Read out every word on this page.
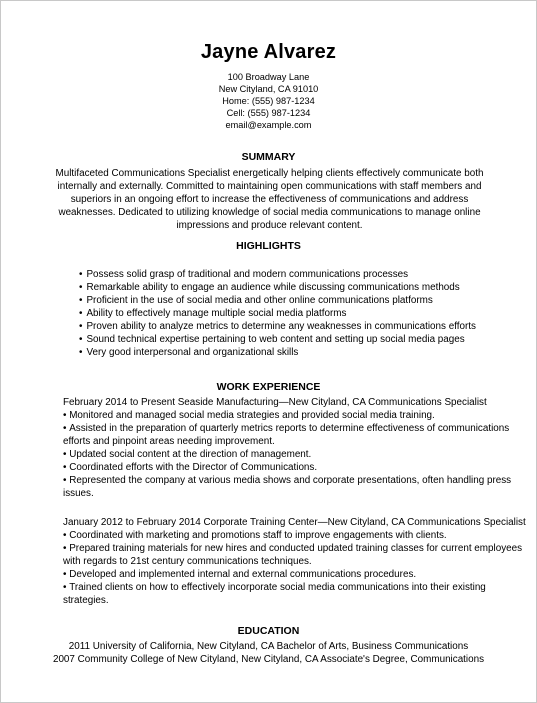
Jayne Alvarez
100 Broadway Lane
New Cityland, CA 91010
Home: (555) 987-1234
Cell: (555) 987-1234
email@example.com
SUMMARY
Multifaceted Communications Specialist energetically helping clients effectively communicate both internally and externally. Committed to maintaining open communications with staff members and superiors in an ongoing effort to increase the effectiveness of communications and address weaknesses. Dedicated to utilizing knowledge of social media communications to manage online impressions and produce relevant content.
HIGHLIGHTS
• Possess solid grasp of traditional and modern communications processes
• Remarkable ability to engage an audience while discussing communications methods
• Proficient in the use of social media and other online communications platforms
• Ability to effectively manage multiple social media platforms
• Proven ability to analyze metrics to determine any weaknesses in communications efforts
• Sound technical expertise pertaining to web content and setting up social media pages
• Very good interpersonal and organizational skills
WORK EXPERIENCE
February 2014 to Present Seaside Manufacturing—New Cityland, CA Communications Specialist
• Monitored and managed social media strategies and provided social media training.
• Assisted in the preparation of quarterly metrics reports to determine effectiveness of communications efforts and pinpoint areas needing improvement.
• Updated social content at the direction of management.
• Coordinated efforts with the Director of Communications.
• Represented the company at various media shows and corporate presentations, often handling press issues.
January 2012 to February 2014 Corporate Training Center—New Cityland, CA Communications Specialist
• Coordinated with marketing and promotions staff to improve engagements with clients.
• Prepared training materials for new hires and conducted updated training classes for current employees with regards to 21st century communications techniques.
• Developed and implemented internal and external communications procedures.
• Trained clients on how to effectively incorporate social media communications into their existing strategies.
EDUCATION
2011 University of California, New Cityland, CA Bachelor of Arts, Business Communications
2007 Community College of New Cityland, New Cityland, CA Associate's Degree, Communications
